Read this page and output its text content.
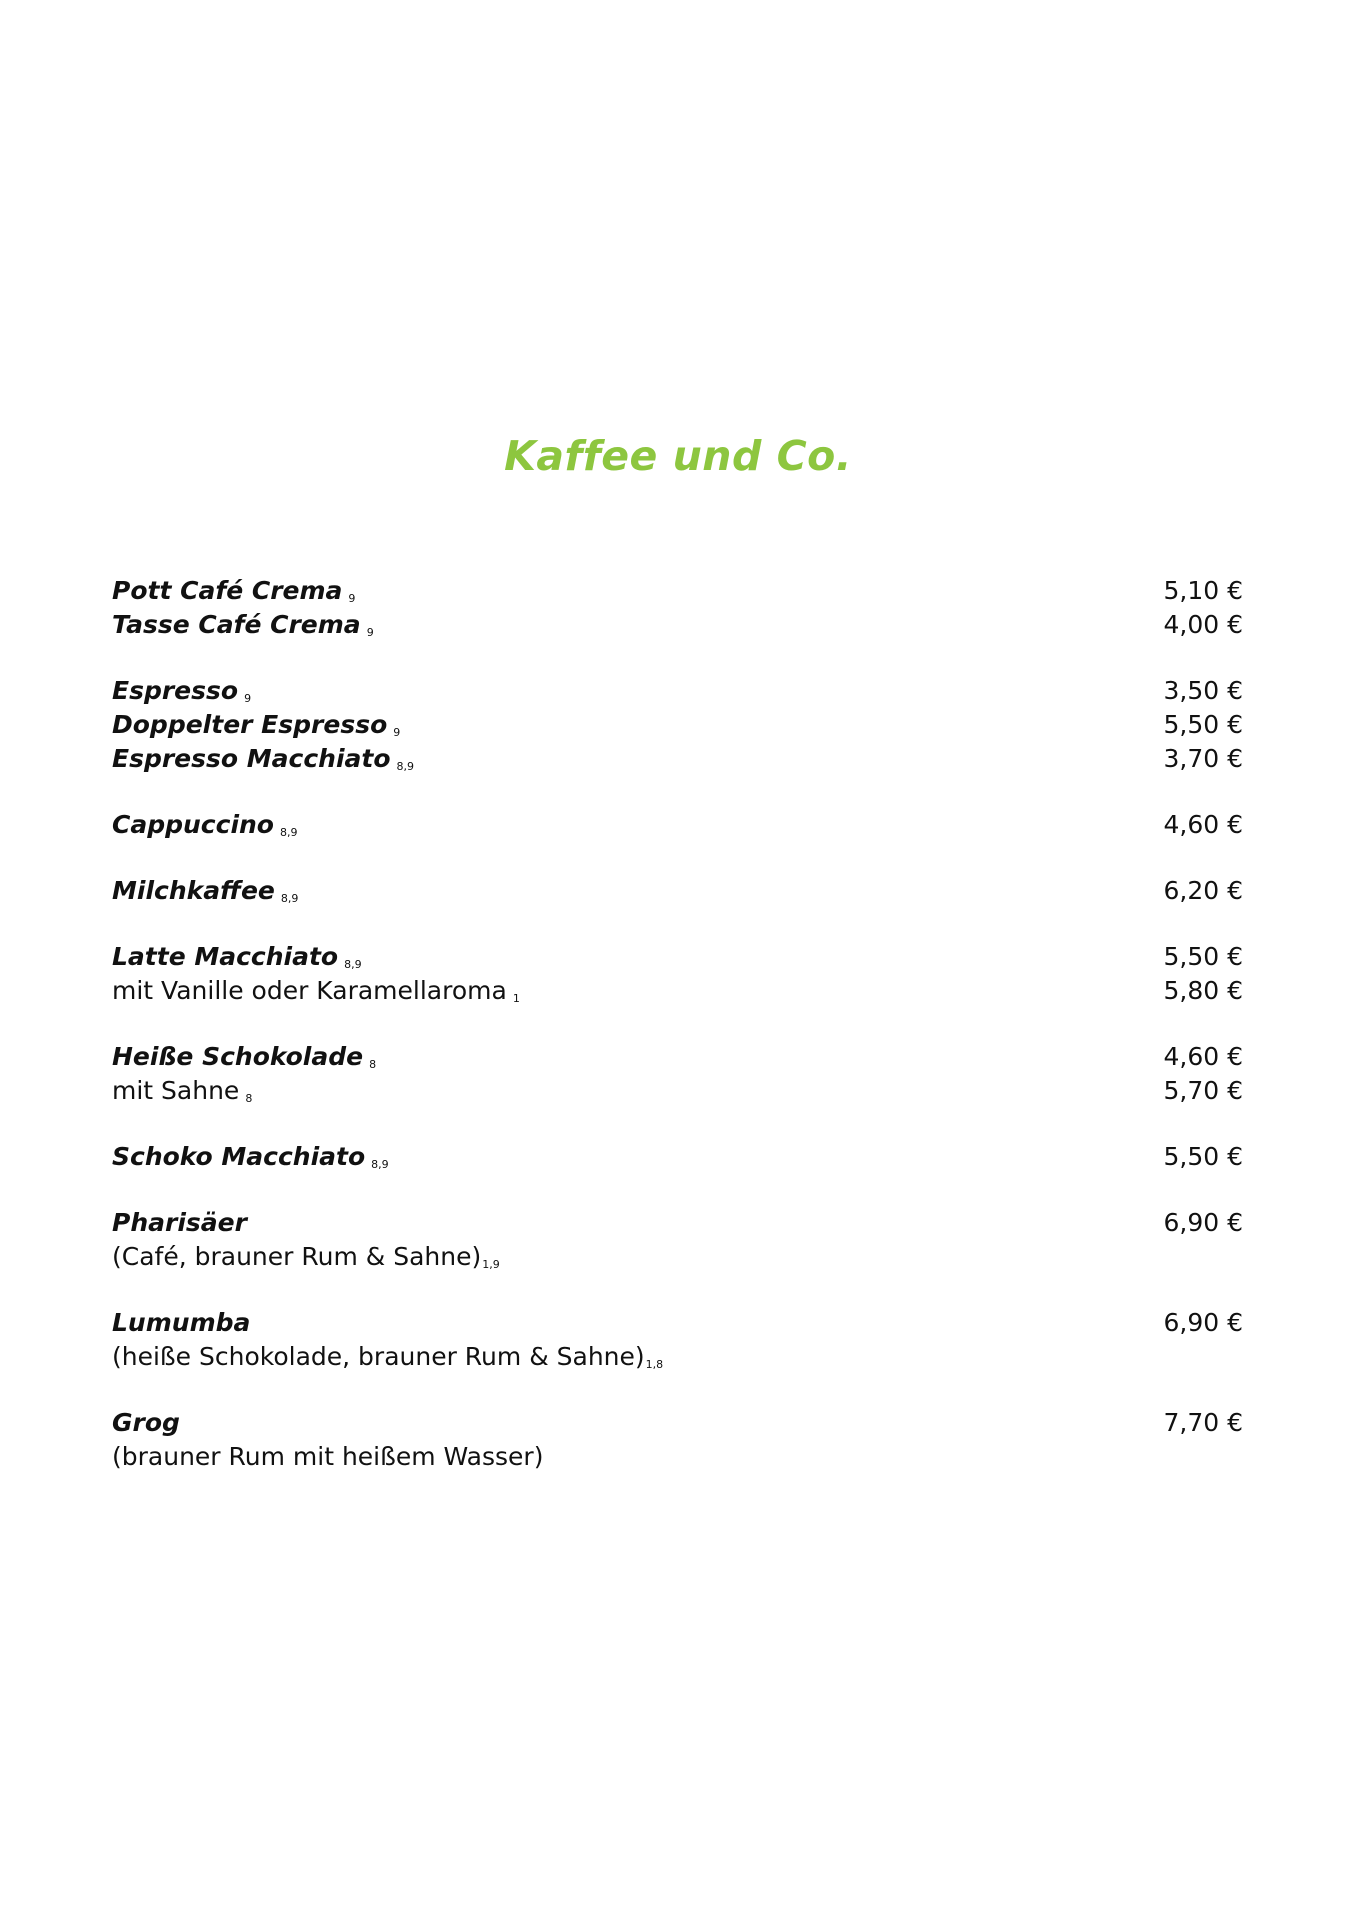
Kaffee und Co.
Pott Café Crema 9	5,10 €
Tasse Café Crema 9	4,00 €
Espresso 9	3,50 €
Doppelter Espresso 9	5,50 €
Espresso Macchiato 8,9	3,70 €
Cappuccino 8,9	4,60 €
Milchkaffee 8,9	6,20 €
Latte Macchiato 8,9	5,50 €
mit Vanille oder Karamellaroma 1	5,80 €
Heiße Schokolade 8	4,60 €
mit Sahne 8	5,70 €
Schoko Macchiato 8,9	5,50 €
Pharisäer	6,90 €
(Café, brauner Rum & Sahne)1,9
Lumumba	6,90 €
(heiße Schokolade, brauner Rum & Sahne)1,8
Grog	7,70 €
(brauner Rum mit heißem Wasser)
